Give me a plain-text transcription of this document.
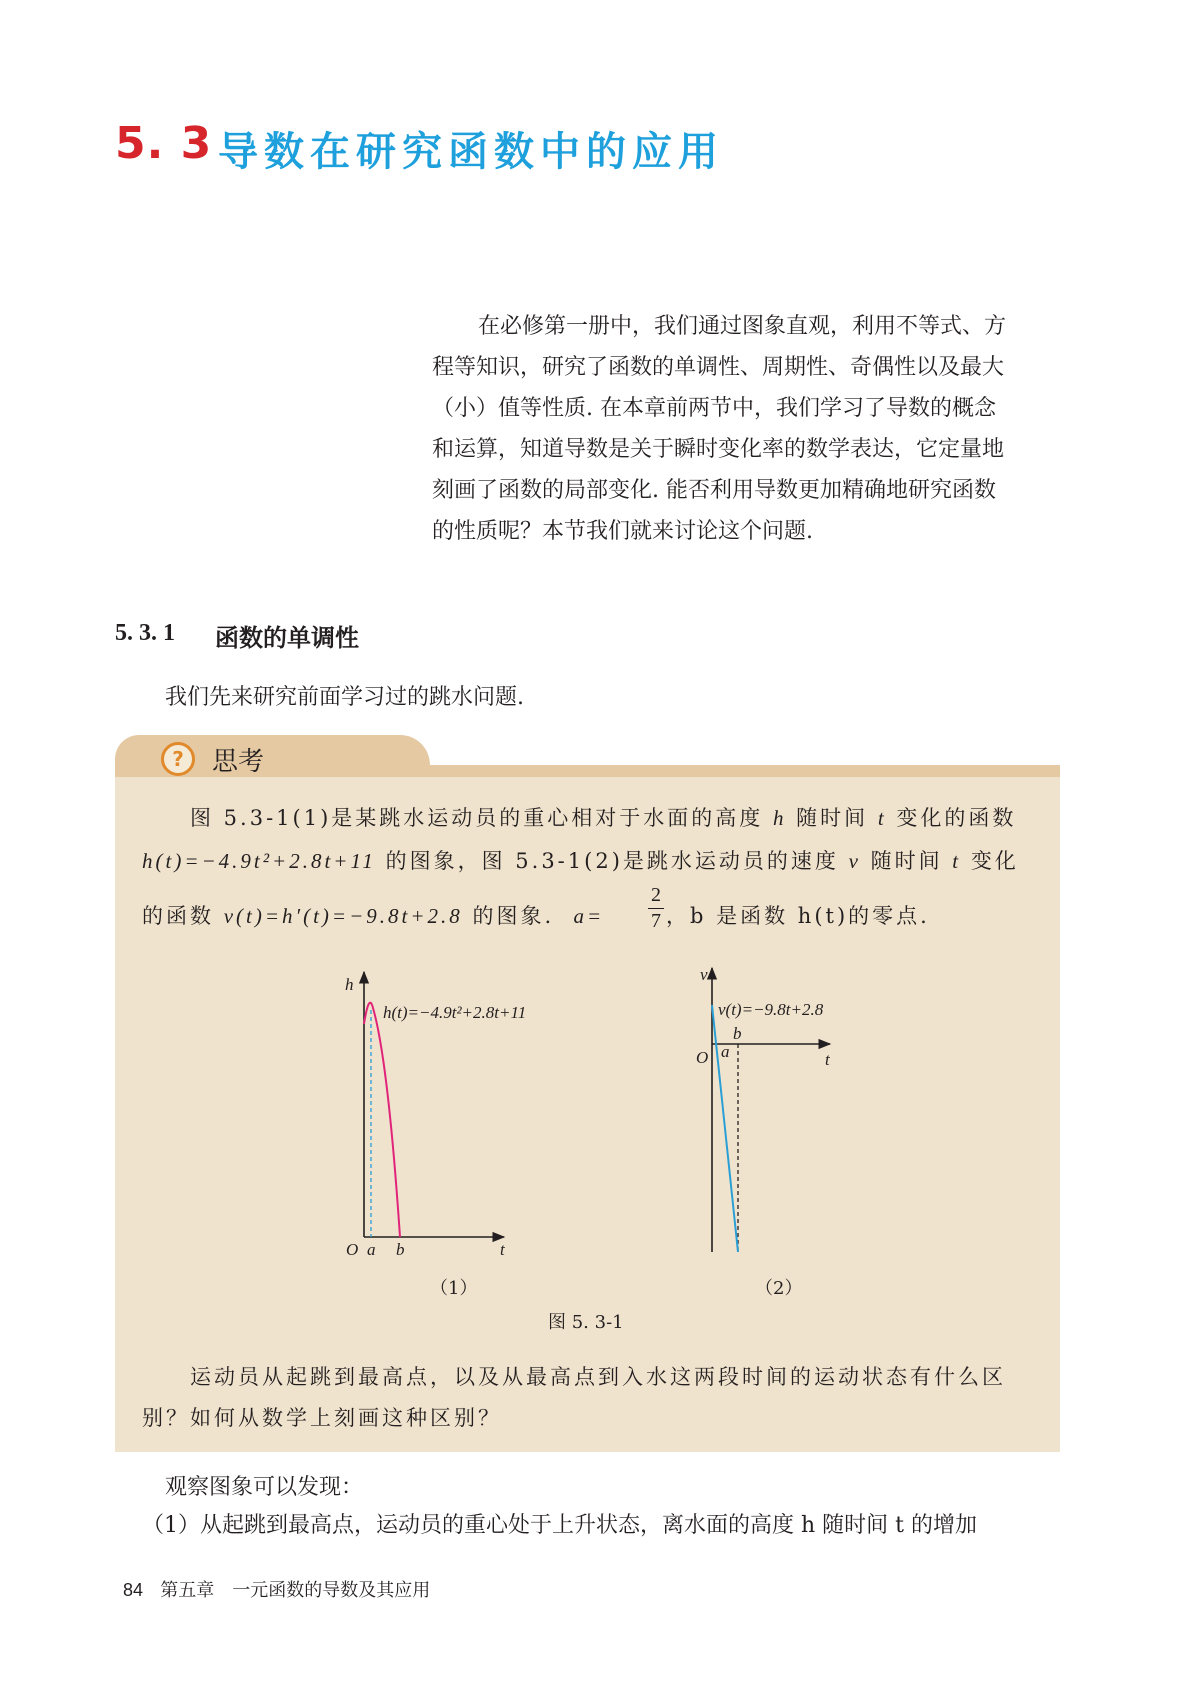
5. 3 导数在研究函数中的应用

在必修第一册中，我们通过图象直观，利用不等式、方

程等知识，研究了函数的单调性、周期性、奇偶性以及最大

（小）值等性质. 在本章前两节中，我们学习了导数的概念

和运算，知道导数是关于瞬时变化率的数学表达，它定量地

刻画了函数的局部变化. 能否利用导数更加精确地研究函数

的性质呢？本节我们就来讨论这个问题.

5. 3. 1 函数的单调性
我们先来研究前面学习过的跳水问题.
?	思考
图 5.3-1(1)是某跳水运动员的重心相对于水面的高度 h 随时间 t 变化的函数
h(t)=−4.9t²+2.8t+11 的图象，图 5.3-1(2)是跳水运动员的速度 v 随时间 t 变化
的函数 v(t)=h′(t)=−9.8t+2.8 的图象. a=
2
7 ，b 是函数 h(t)的零点.
h
h(t)=−4.9t²+2.8t+11
O a b	t
v
v(t)=−9.8t+2.8
O a
b
t
（1）	（2）
图 5. 3-1
运动员从起跳到最高点，以及从最高点到入水这两段时间的运动状态有什么区
别？如何从数学上刻画这种区别？
观察图象可以发现：
（1）从起跳到最高点，运动员的重心处于上升状态，离水面的高度 h 随时间 t 的增加
84 第五章　一元函数的导数及其应用
